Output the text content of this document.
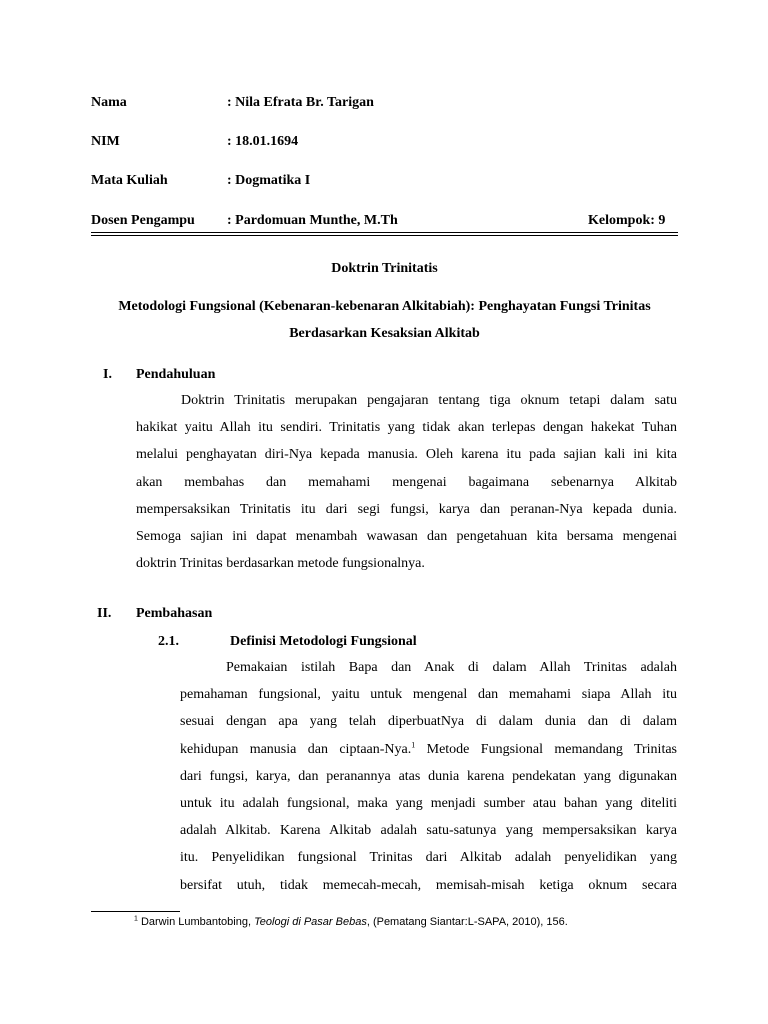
Nama	: Nila Efrata Br. Tarigan
NIM	: 18.01.1694
Mata Kuliah	: Dogmatika I
Dosen Pengampu : Pardomuan Munthe, M.Th	Kelompok: 9
Doktrin Trinitatis
Metodologi Fungsional (Kebenaran-kebenaran Alkitabiah): Penghayatan Fungsi Trinitas
Berdasarkan Kesaksian Alkitab
I. Pendahuluan
Doktrin Trinitatis merupakan pengajaran tentang tiga oknum tetapi dalam satu
hakikat yaitu Allah itu sendiri. Trinitatis yang tidak akan terlepas dengan hakekat Tuhan
melalui penghayatan diri-Nya kepada manusia. Oleh karena itu pada sajian kali ini kita
akan membahas dan memahami mengenai bagaimana sebenarnya Alkitab
mempersaksikan Trinitatis itu dari segi fungsi, karya dan peranan-Nya kepada dunia.
Semoga sajian ini dapat menambah wawasan dan pengetahuan kita bersama mengenai
doktrin Trinitas berdasarkan metode fungsionalnya.
II. Pembahasan
2.1.	Definisi Metodologi Fungsional
Pemakaian istilah Bapa dan Anak di dalam Allah Trinitas adalah
pemahaman fungsional, yaitu untuk mengenal dan memahami siapa Allah itu
sesuai dengan apa yang telah diperbuatNya di dalam dunia dan di dalam
kehidupan manusia dan ciptaan-Nya.$^1$ Metode Fungsional memandang Trinitas
dari fungsi, karya, dan peranannya atas dunia karena pendekatan yang digunakan
untuk itu adalah fungsional, maka yang menjadi sumber atau bahan yang diteliti
adalah Alkitab. Karena Alkitab adalah satu-satunya yang mempersaksikan karya
itu. Penyelidikan fungsional Trinitas dari Alkitab adalah penyelidikan yang
bersifat utuh, tidak memecah-mecah, memisah-misah ketiga oknum secara
$^1$ Darwin Lumbantobing, Teologi di Pasar Bebas, (Pematang Siantar:L-SAPA, 2010), 156.
